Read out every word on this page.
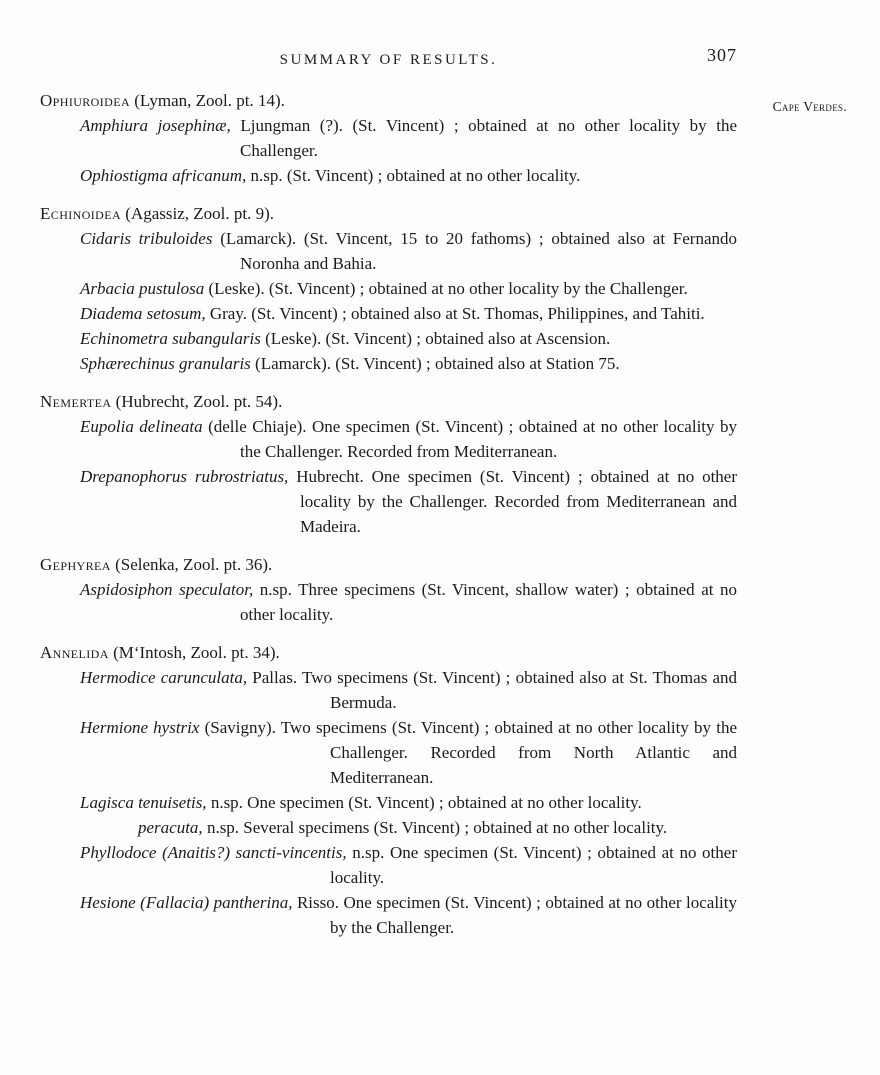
SUMMARY OF RESULTS.	307
Cape Verdes.
Ophiuroidea (Lyman, Zool. pt. 14).

Amphiura josephinæ, Ljungman (?). (St. Vincent) ; obtained at no other locality by the Challenger.

Ophiostigma africanum, n.sp. (St. Vincent) ; obtained at no other locality.

Echinoidea (Agassiz, Zool. pt. 9).

Cidaris tribuloides (Lamarck). (St. Vincent, 15 to 20 fathoms) ; obtained also at Fernando Noronha and Bahia.

Arbacia pustulosa (Leske). (St. Vincent) ; obtained at no other locality by the Challenger.

Diadema setosum, Gray. (St. Vincent) ; obtained also at St. Thomas, Philippines, and Tahiti.

Echinometra subangularis (Leske). (St. Vincent) ; obtained also at Ascension.

Sphærechinus granularis (Lamarck). (St. Vincent) ; obtained also at Station 75.

Nemertea (Hubrecht, Zool. pt. 54).

Eupolia delineata (delle Chiaje). One specimen (St. Vincent) ; obtained at no other locality by the Challenger. Recorded from Mediterranean.

Drepanophorus rubrostriatus, Hubrecht. One specimen (St. Vincent) ; obtained at no other locality by the Challenger. Recorded from Mediterranean and Madeira.

Gephyrea (Selenka, Zool. pt. 36).

Aspidosiphon speculator, n.sp. Three specimens (St. Vincent, shallow water) ; obtained at no other locality.

Annelida (M‘Intosh, Zool. pt. 34).

Hermodice carunculata, Pallas. Two specimens (St. Vincent) ; obtained also at St. Thomas and Bermuda.

Hermione hystrix (Savigny). Two specimens (St. Vincent) ; obtained at no other locality by the Challenger. Recorded from North Atlantic and Mediterranean.

Lagisca tenuisetis, n.sp. One specimen (St. Vincent) ; obtained at no other locality.

peracuta, n.sp. Several specimens (St. Vincent) ; obtained at no other locality.

Phyllodoce (Anaitis?) sancti-vincentis, n.sp. One specimen (St. Vincent) ; obtained at no other locality.

Hesione (Fallacia) pantherina, Risso. One specimen (St. Vincent) ; obtained at no other locality by the Challenger.
